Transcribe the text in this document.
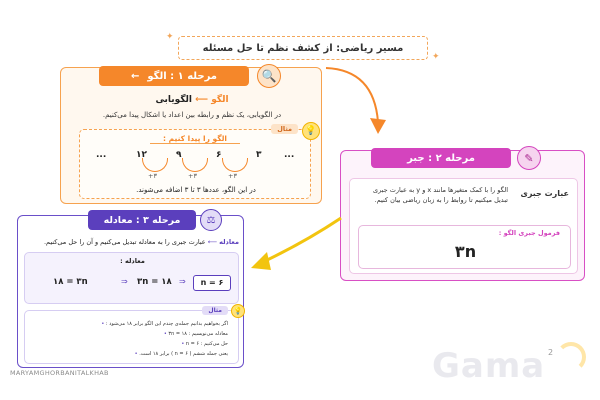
✦
مسیر ریاضی: از کشف نظم تا حل مسئله
✦
مرحله ۱ : الگو
←	🔍
الگو ⟵ الگویابی
در الگویابی، یک نظم و رابطه بین اعداد یا اشکال پیدا می‌کنیم.
الگو را پیدا کنیم :
مثال	💡
...	۱۲	۹	۶	۳	...
+۳
+۳
+۳
در این الگو، عددها ۳ تا ۳ اضافه می‌شوند.
مرحله ۲ : جبر	✎
عبارت جبری
الگو را با کمک متغیرها مانند x و y به عبارت جبری تبدیل میکنیم تا روابط را به زبان ریاضی بیان کنیم.
فرمول جبری الگو :
۳n
مرحله ۳ : معادله	⚖
معادله ⟵ عبارت جبری را به معادله تبدیل می‌کنیم و آن را حل می‌کنیم.
معادله :
۱۸ = ۳n	⇒ ۳n = ۱۸ ⇒	n = ۶
مثال	💡
اگر بخواهیم بدانیم جمله‌ی چندم این الگو برابر ۱۸ می‌شود : •
معادله می‌نویسیم : ۳n = ۱۸ •
حل می‌کنیم : n = ۶ •
یعنی جمله ششم ( n = ۶ ) برابر ۱۸ است. •
MARYAMGHORBANITALKHAB	Gama 2
